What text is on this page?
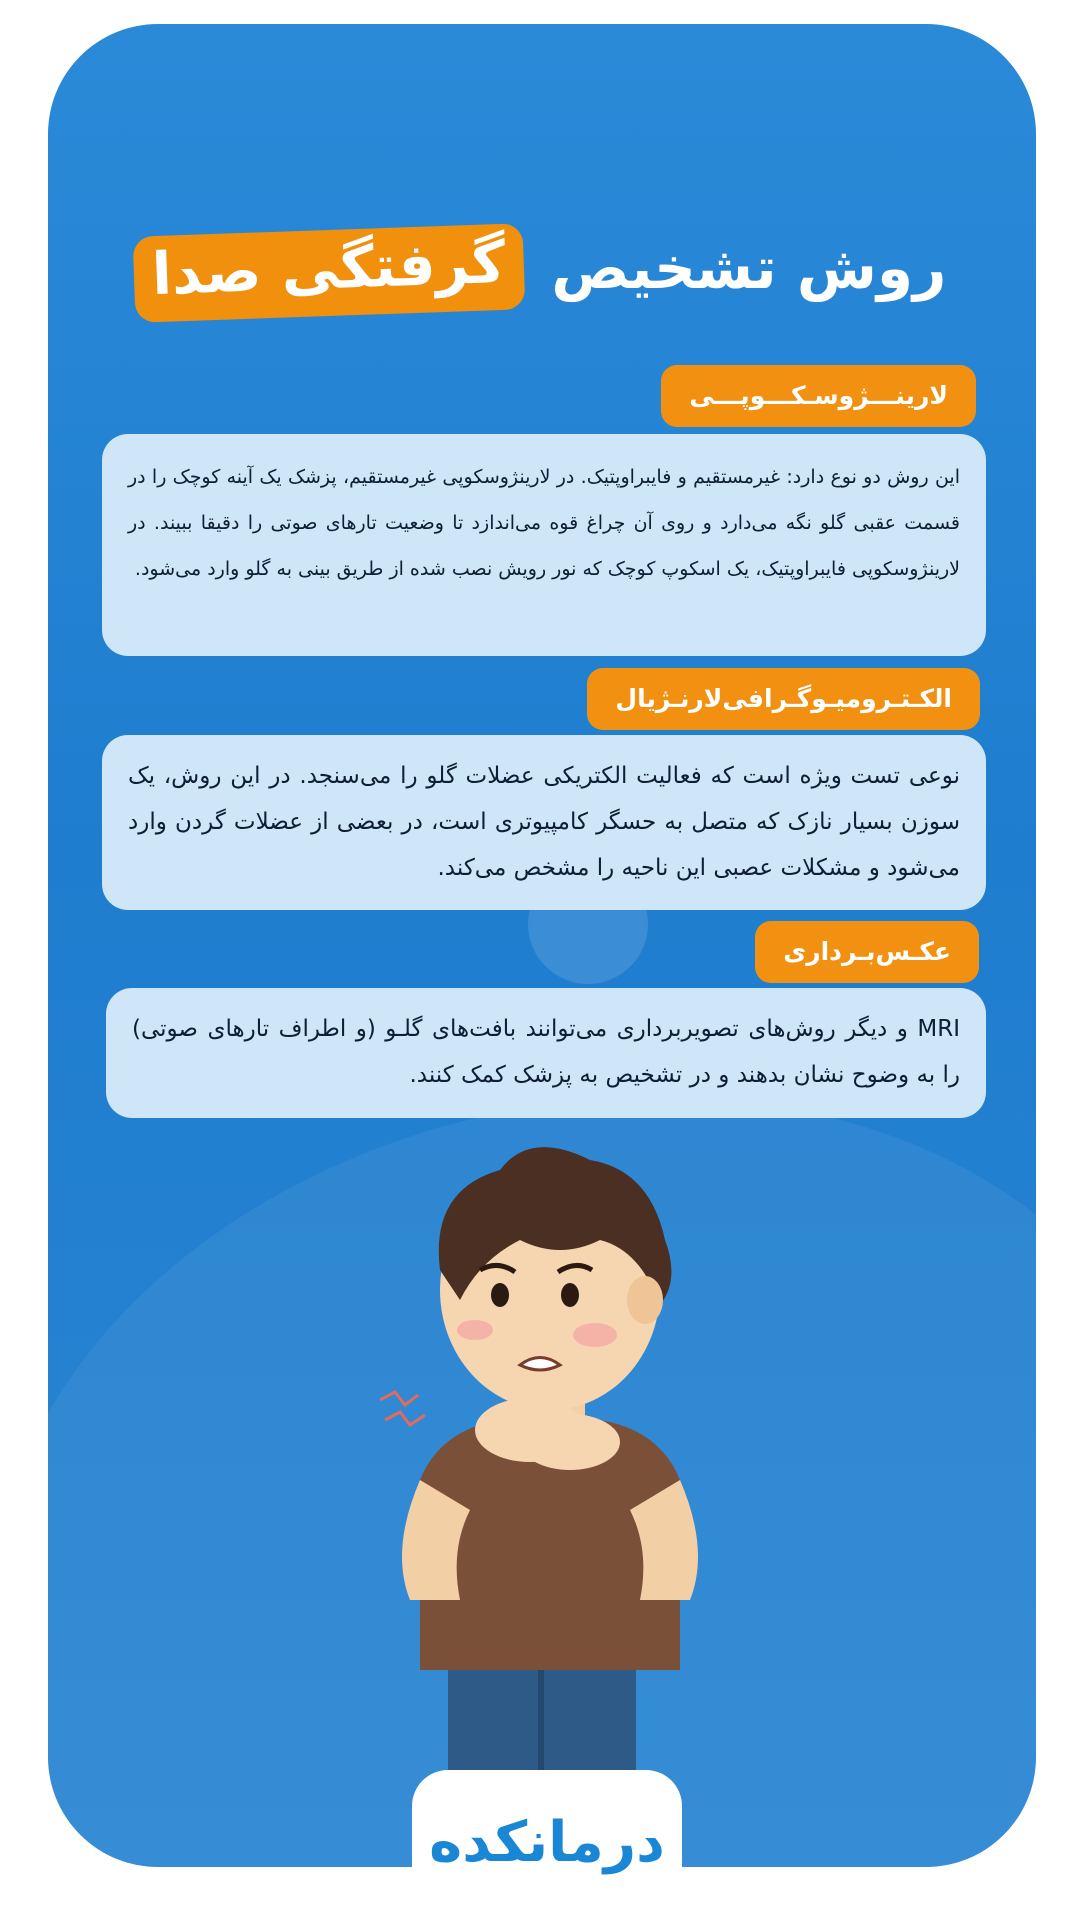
روش تشخیص گرفتگی صدا
لارینـــژوسـکـــوپـــی
این روش دو نوع دارد: غیرمستقیم و فایبراوپتیک. در لارینژوسکوپی غیرمستقیم، پزشک یک آینه کوچک را در قسمت عقبی گلو نگه می‌دارد و روی آن چراغ قوه می‌اندازد تا وضعیت تارهای صوتی را دقیقا ببیند. در لارینژوسکوپی فایبراوپتیک، یک اسکوپ کوچک که نور رویش نصب شده از طریق بینی به گلو وارد می‌شود.
الکـتـرومیـوگـرافی‌لارنـژیال
نوعی تست ویژه است که فعالیت الکتریکی عضلات گلو را می‌سنجد. در این روش، یک سوزن بسیار نازک که متصل به حسگر کامپیوتری است، در بعضی از عضلات گردن وارد می‌شود و مشکلات عصبی این ناحیه را مشخص می‌کند.
عکـس‌بـرداری
MRI و دیگر روش‌های تصویربرداری می‌توانند بافت‌های گلـو (و اطراف تارهای صوتی) را به وضوح نشان بدهند و در تشخیص به پزشک کمک کنند.
درمانکده
